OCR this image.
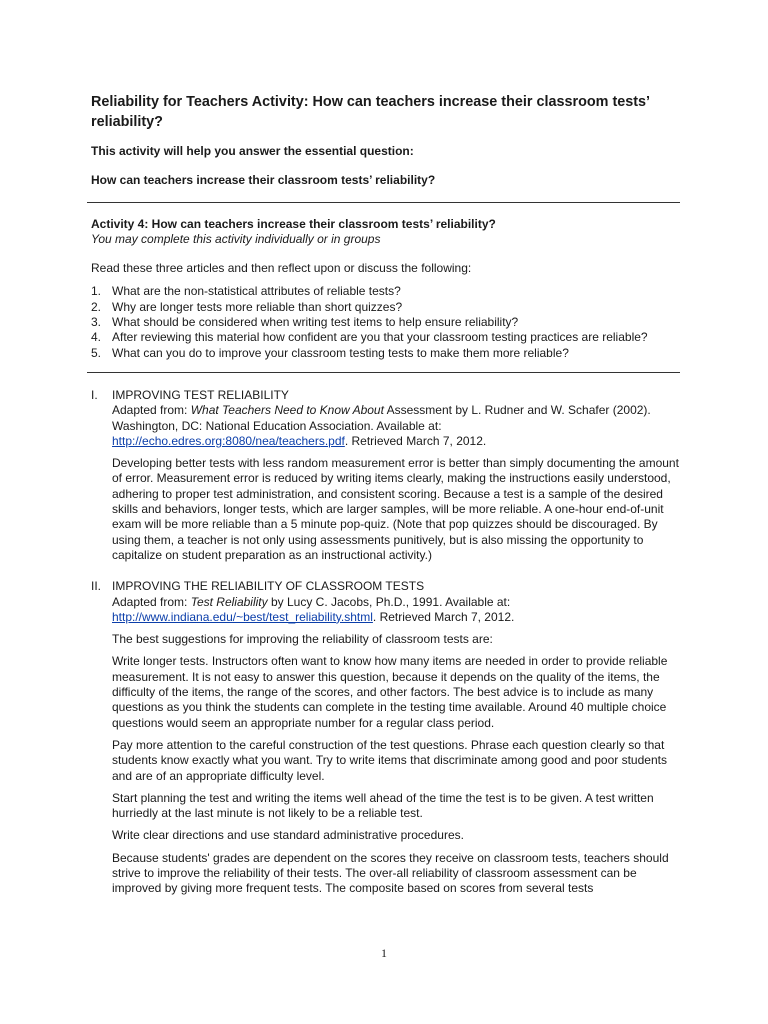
Reliability for Teachers Activity: How can teachers increase their classroom tests’ reliability?
This activity will help you answer the essential question:
How can teachers increase their classroom tests’ reliability?
Activity 4: How can teachers increase their classroom tests’ reliability?
You may complete this activity individually or in groups
Read these three articles and then reflect upon or discuss the following:
1. What are the non-statistical attributes of reliable tests?
2. Why are longer tests more reliable than short quizzes?
3. What should be considered when writing test items to help ensure reliability?
4. After reviewing this material how confident are you that your classroom testing practices are reliable?
5. What can you do to improve your classroom testing tests to make them more reliable?
I.	IMPROVING TEST RELIABILITY
Adapted from: What Teachers Need to Know About Assessment by L. Rudner and W. Schafer (2002). Washington, DC: National Education Association. Available at:
http://echo.edres.org:8080/nea/teachers.pdf. Retrieved March 7, 2012.

Developing better tests with less random measurement error is better than simply documenting the amount of error. Measurement error is reduced by writing items clearly, making the instructions easily understood, adhering to proper test administration, and consistent scoring. Because a test is a sample of the desired skills and behaviors, longer tests, which are larger samples, will be more reliable. A one-hour end-of-unit exam will be more reliable than a 5 minute pop-quiz. (Note that pop quizzes should be discouraged. By using them, a teacher is not only using assessments punitively, but is also missing the opportunity to capitalize on student preparation as an instructional activity.)

II. IMPROVING THE RELIABILITY OF CLASSROOM TESTS
Adapted from: Test Reliability by Lucy C. Jacobs, Ph.D., 1991. Available at:
http://www.indiana.edu/~best/test_reliability.shtml. Retrieved March 7, 2012.

The best suggestions for improving the reliability of classroom tests are:

Write longer tests. Instructors often want to know how many items are needed in order to provide reliable measurement. It is not easy to answer this question, because it depends on the quality of the items, the difficulty of the items, the range of the scores, and other factors. The best advice is to include as many questions as you think the students can complete in the testing time available. Around 40 multiple choice questions would seem an appropriate number for a regular class period.

Pay more attention to the careful construction of the test questions. Phrase each question clearly so that students know exactly what you want. Try to write items that discriminate among good and poor students and are of an appropriate difficulty level.

Start planning the test and writing the items well ahead of the time the test is to be given. A test written hurriedly at the last minute is not likely to be a reliable test.

Write clear directions and use standard administrative procedures.

Because students' grades are dependent on the scores they receive on classroom tests, teachers should strive to improve the reliability of their tests. The over-all reliability of classroom assessment can be improved by giving more frequent tests. The composite based on scores from several tests

1
